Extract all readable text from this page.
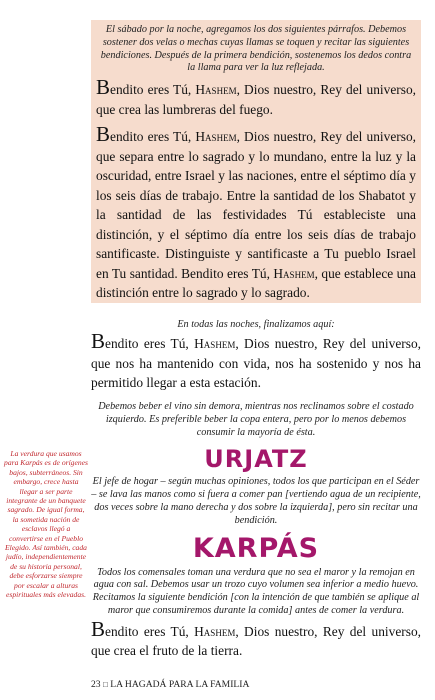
El sábado por la noche, agregamos los dos siguientes párrafos. Debemos sostener dos velas o mechas cuyas llamas se toquen y recitar las siguientes bendiciones. Después de la primera bendición, sostenemos los dedos contra la llama para ver la luz reflejada.

Bendito eres Tú, Hashem, Dios nuestro, Rey del universo, que crea las lumbreras del fuego.

Bendito eres Tú, Hashem, Dios nuestro, Rey del universo, que separa entre lo sagrado y lo mundano, entre la luz y la oscuridad, entre Israel y las naciones, entre el séptimo día y los seis días de trabajo. Entre la santidad de los Shabatot y la santidad de las festividades Tú estableciste una distinción, y el séptimo día entre los seis días de trabajo santificaste. Distinguiste y santificaste a Tu pueblo Israel en Tu santidad. Bendito eres Tú, Hashem, que establece una distinción entre lo sagrado y lo sagrado.

En todas las noches, finalizamos aquí:

Bendito eres Tú, Hashem, Dios nuestro, Rey del universo, que nos ha mantenido con vida, nos ha sostenido y nos ha permitido llegar a esta estación.

Debemos beber el vino sin demora, mientras nos reclinamos sobre el costado izquierdo. Es preferible beber la copa entera, pero por lo menos debemos consumir la mayoría de ésta.

URJATZ

El jefe de hogar – según muchas opiniones, todos los que participan en el Séder – se lava las manos como si fuera a comer pan [vertiendo agua de un recipiente, dos veces sobre la mano derecha y dos sobre la izquierda], pero sin recitar una bendición.

KARPÁS

Todos los comensales toman una verdura que no sea el maror y la remojan en agua con sal. Debemos usar un trozo cuyo volumen sea inferior a medio huevo. Recitamos la siguiente bendición [con la intención de que también se aplique al maror que consumiremos durante la comida] antes de comer la verdura.

Bendito eres Tú, Hashem, Dios nuestro, Rey del universo, que crea el fruto de la tierra.

La verdura que usamos para Karpás es de orígenes bajos, subterráneos. Sin embargo, crece hasta llegar a ser parte integrante de un banquete sagrado. De igual forma, la sometida nación de esclavos llegó a convertirse en el Pueblo Elegido. Así también, cada judío, independientemente de su historia personal, debe esforzarse siempre por escalar a alturas espirituales más elevadas.

23 □ LA HAGADÁ PARA LA FAMILIA
